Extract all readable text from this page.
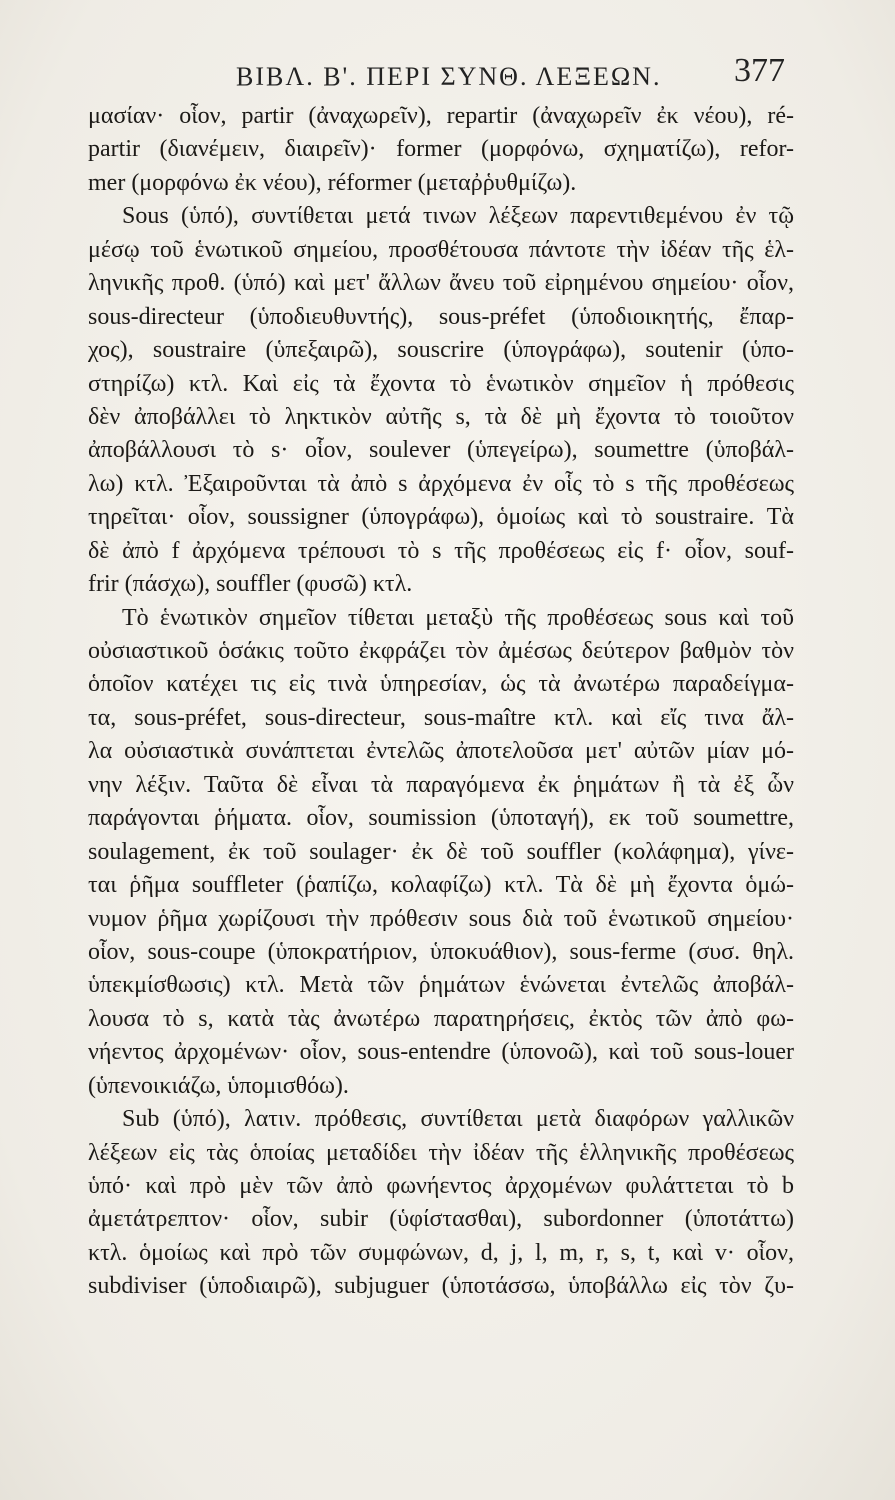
ΒΙΒΛ. Β'. ΠΕΡΙ ΣΥΝΘ. ΛΕΞΕΩΝ. 377
μασίαν· οἷον, partir (ἀναχωρεῖν), repartir (ἀναχωρεῖν ἐκ νέου), ré-
partir (διανέμειν, διαιρεῖν)· former (μορφόνω, σχηματίζω), refor-
mer (μορφόνω ἐκ νέου), réformer (μεταῤῥυθμίζω).
Sous (ὑπό), συντίθεται μετά τινων λέξεων παρεντιθεμένου ἐν τῷ
μέσῳ τοῦ ἑνωτικοῦ σημείου, προσθέτουσα πάντοτε τὴν ἰδέαν τῆς ἑλ-
ληνικῆς προθ. (ὑπό) καὶ μετ' ἄλλων ἄνευ τοῦ εἰρημένου σημείου· οἷον,
sous-directeur (ὑποδιευθυντής), sous-préfet (ὑποδιοικητής, ἔπαρ-
χος), soustraire (ὑπεξαιρῶ), souscrire (ὑπογράφω), soutenir (ὑπο-
στηρίζω) κτλ. Καὶ εἰς τὰ ἔχοντα τὸ ἑνωτικὸν σημεῖον ἡ πρόθεσις
δὲν ἀποβάλλει τὸ ληκτικὸν αὐτῆς s, τὰ δὲ μὴ ἔχοντα τὸ τοιοῦτον
ἀποβάλλουσι τὸ s· οἷον, soulever (ὑπεγείρω), soumettre (ὑποβάλ-
λω) κτλ. Ἐξαιροῦνται τὰ ἀπὸ s ἀρχόμενα ἐν οἷς τὸ s τῆς προθέσεως
τηρεῖται· οἷον, soussigner (ὑπογράφω), ὁμοίως καὶ τὸ soustraire. Τὰ
δὲ ἀπὸ f ἀρχόμενα τρέπουσι τὸ s τῆς προθέσεως εἰς f· οἷον, souf-
frir (πάσχω), souffler (φυσῶ) κτλ.
Τὸ ἑνωτικὸν σημεῖον τίθεται μεταξὺ τῆς προθέσεως sous καὶ τοῦ
οὐσιαστικοῦ ὁσάκις τοῦτο ἐκφράζει τὸν ἀμέσως δεύτερον βαθμὸν τὸν
ὁποῖον κατέχει τις εἰς τινὰ ὑπηρεσίαν, ὡς τὰ ἀνωτέρω παραδείγμα-
τα, sous-préfet, sous-directeur, sous-maître κτλ. καὶ εἴς τινα ἄλ-
λα οὐσιαστικὰ συνάπτεται ἐντελῶς ἀποτελοῦσα μετ' αὐτῶν μίαν μό-
νην λέξιν. Ταῦτα δὲ εἶναι τὰ παραγόμενα ἐκ ῥημάτων ἢ τὰ ἐξ ὧν
παράγονται ῥήματα. οἷον, soumission (ὑποταγή), εκ τοῦ soumettre,
soulagement, ἐκ τοῦ soulager· ἐκ δὲ τοῦ souffler (κολάφημα), γίνε-
ται ῥῆμα souffleter (ῥαπίζω, κολαφίζω) κτλ. Τὰ δὲ μὴ ἔχοντα ὁμώ-
νυμον ῥῆμα χωρίζουσι τὴν πρόθεσιν sous διὰ τοῦ ἑνωτικοῦ σημείου·
οἷον, sous-coupe (ὑποκρατήριον, ὑποκυάθιον), sous-ferme (συσ. θηλ.
ὑπεκμίσθωσις) κτλ. Μετὰ τῶν ῥημάτων ἑνώνεται ἐντελῶς ἀποβάλ-
λουσα τὸ s, κατὰ τὰς ἀνωτέρω παρατηρήσεις, ἐκτὸς τῶν ἀπὸ φω-
νήεντος ἀρχομένων· οἷον, sous-entendre (ὑπονοῶ), καὶ τοῦ sous-louer
(ὑπενοικιάζω, ὑπομισθόω).
Sub (ὑπό), λατιν. πρόθεσις, συντίθεται μετὰ διαφόρων γαλλικῶν
λέξεων εἰς τὰς ὁποίας μεταδίδει τὴν ἰδέαν τῆς ἑλληνικῆς προθέσεως
ὑπό· καὶ πρὸ μὲν τῶν ἀπὸ φωνήεντος ἀρχομένων φυλάττεται τὸ b
ἀμετάτρεπτον· οἷον, subir (ὑφίστασθαι), subordonner (ὑποτάττω)
κτλ. ὁμοίως καὶ πρὸ τῶν συμφώνων, d, j, l, m, r, s, t, καὶ v· οἷον,
subdiviser (ὑποδιαιρῶ), subjuguer (ὑποτάσσω, ὑποβάλλω εἰς τὸν ζυ-
